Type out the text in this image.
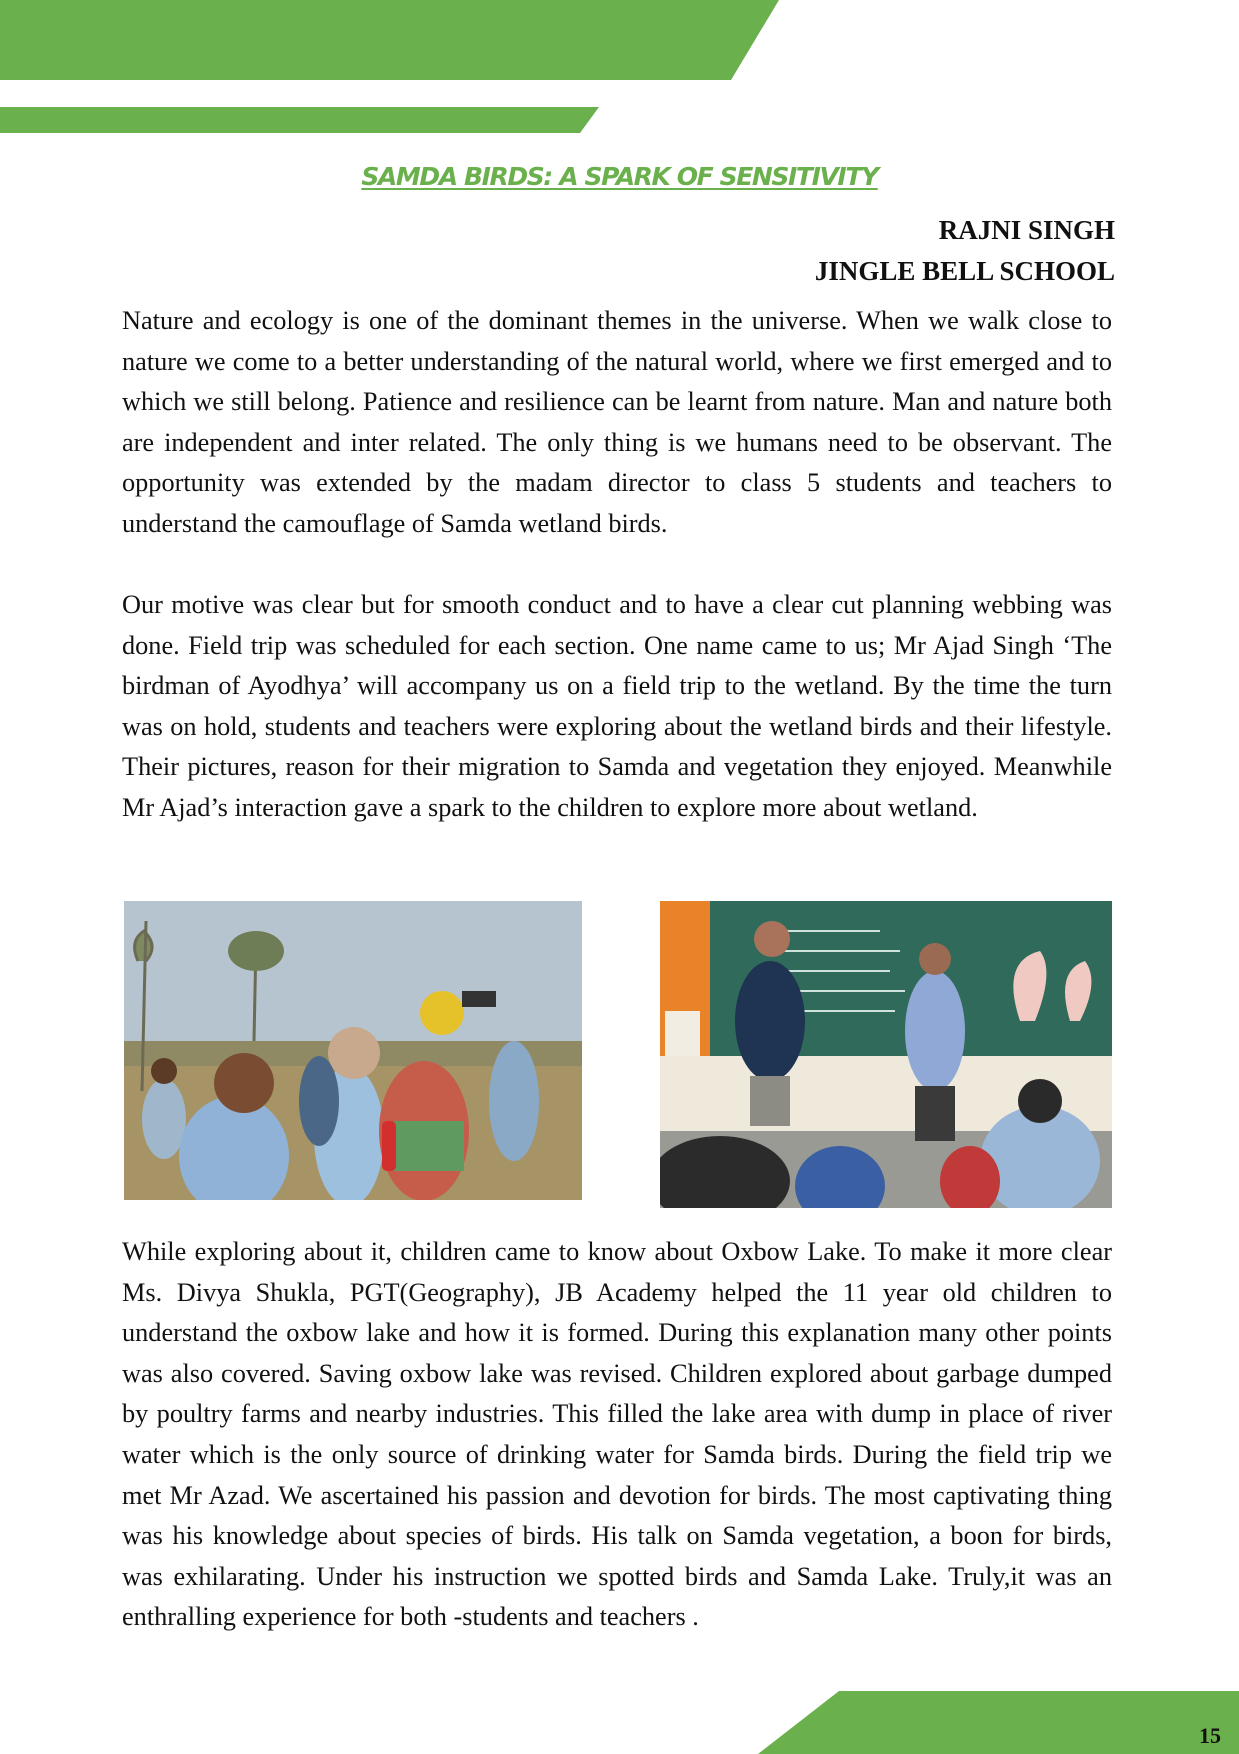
SAMDA BIRDS: A SPARK OF SENSITIVITY
RAJNI SINGH
JINGLE BELL SCHOOL

Nature and ecology is one of the dominant themes in the universe. When we walk close to nature we come to a better understanding of the natural world, where we first emerged and to which we still belong. Patience and resilience can be learnt from nature. Man and nature both are independent and inter related. The only thing is we humans need to be observant. The opportunity was extended by the madam director to class 5 students and teachers to understand the camouflage of Samda wetland birds.

Our motive was clear but for smooth conduct and to have a clear cut planning webbing was done. Field trip was scheduled for each section. One name came to us; Mr Ajad Singh ‘The birdman of Ayodhya’ will accompany us on a field trip to the wetland. By the time the turn was on hold, students and teachers were exploring about the wetland birds and their lifestyle. Their pictures, reason for their migration to Samda and vegetation they enjoyed. Meanwhile Mr Ajad’s interaction gave a spark to the children to explore more about wetland.

While exploring about it, children came to know about Oxbow Lake. To make it more clear Ms. Divya Shukla, PGT(Geography), JB Academy helped the 11 year old children to understand the oxbow lake and how it is formed. During this explanation many other points was also covered. Saving oxbow lake was revised. Children explored about garbage dumped by poultry farms and nearby industries. This filled the lake area with dump in place of river water which is the only source of drinking water for Samda birds. During the field trip we met Mr Azad. We ascertained his passion and devotion for birds. The most captivating thing was his knowledge about species of birds. His talk on Samda vegetation, a boon for birds, was exhilarating. Under his instruction we spotted birds and Samda Lake. Truly,it was an enthralling experience for both -students and teachers .

15
